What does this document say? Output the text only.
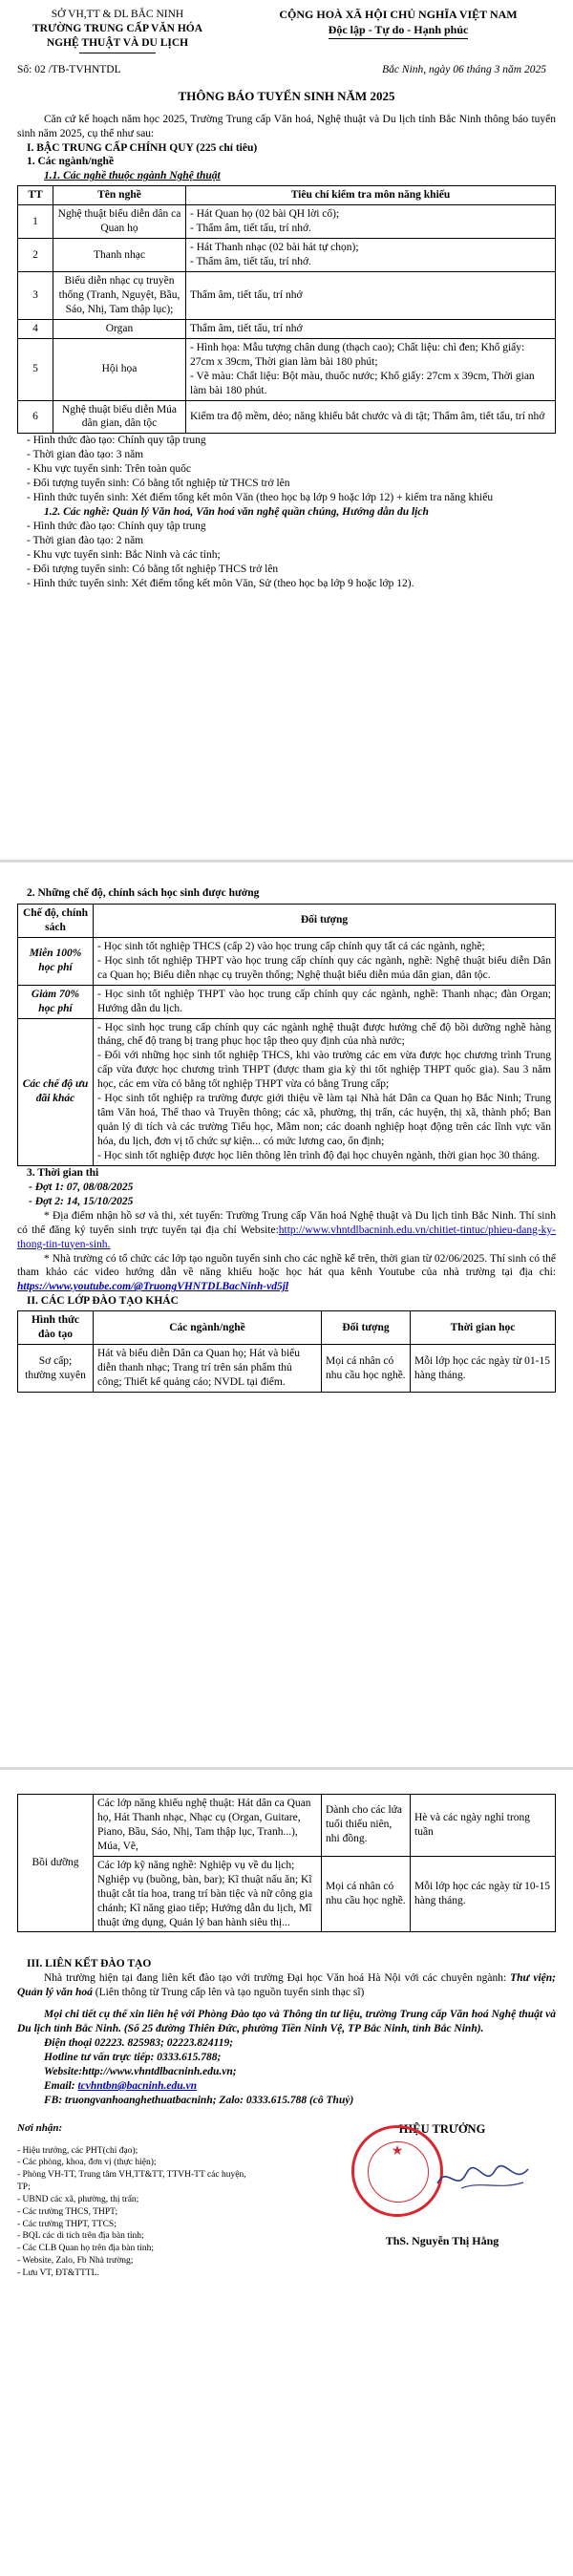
SỞ VH,TT & DL BẮC NINH
TRƯỜNG TRUNG CẤP VĂN HÓA
NGHỆ THUẬT VÀ DU LỊCH
CỘNG HOÀ XÃ HỘI CHỦ NGHĨA VIỆT NAM
Độc lập - Tự do - Hạnh phúc
Số: 02 /TB-TVHNTDL	Bắc Ninh, ngày 06 tháng 3 năm 2025
THÔNG BÁO TUYỂN SINH NĂM 2025

Căn cứ kế hoạch năm học 2025, Trường Trung cấp Văn hoá, Nghệ thuật và Du lịch tỉnh Bắc Ninh thông báo tuyển sinh năm 2025, cụ thể như sau:

I. BẬC TRUNG CẤP CHÍNH QUY (225 chỉ tiêu)

1. Các ngành/nghề

1.1. Các nghề thuộc ngành Nghệ thuật

TT	Tên nghề	Tiêu chí kiểm tra môn năng khiếu
1	Nghệ thuật biểu diễn dân ca Quan họ	- Hát Quan họ (02 bài QH lời cổ);
- Thẩm âm, tiết tấu, trí nhớ.

2	Thanh nhạc	- Hát Thanh nhạc (02 bài hát tự chọn);
- Thẩm âm, tiết tấu, trí nhớ.

3	Biểu diễn nhạc cụ truyền thống (Tranh, Nguyệt, Bầu, Sáo, Nhị, Tam thập lục);	Thẩm âm, tiết tấu, trí nhớ
4	Organ	Thẩm âm, tiết tấu, trí nhớ
5	Hội họa	- Hình họa: Mẫu tượng chân dung (thạch cao); Chất liệu: chì đen; Khổ giấy: 27cm x 39cm, Thời gian làm bài 180 phút;
- Vẽ màu: Chất liệu: Bột màu, thuốc nước; Khổ giấy: 27cm x 39cm, Thời gian làm bài 180 phút.

6	Nghệ thuật biểu diễn Múa dân gian, dân tộc	Kiểm tra độ mềm, dẻo; năng khiếu bắt chước và di tật; Thẩm âm, tiết tấu, trí nhớ

- Hình thức đào tạo: Chính quy tập trung

- Thời gian đào tạo: 3 năm

- Khu vực tuyển sinh: Trên toàn quốc

- Đối tượng tuyển sinh: Có bằng tốt nghiệp từ THCS trở lên

- Hình thức tuyển sinh: Xét điểm tổng kết môn Văn (theo học bạ lớp 9 hoặc lớp 12) + kiểm tra năng khiếu

1.2. Các nghề: Quản lý Văn hoá, Văn hoá văn nghệ quần chúng, Hướng dẫn du lịch

- Hình thức đào tạo: Chính quy tập trung

- Thời gian đào tạo: 2 năm

- Khu vực tuyển sinh: Bắc Ninh và các tỉnh;

- Đối tượng tuyển sinh: Có bằng tốt nghiệp THCS trở lên

- Hình thức tuyển sinh: Xét điểm tổng kết môn Văn, Sử (theo học bạ lớp 9 hoặc lớp 12).

2. Những chế độ, chính sách học sinh được hưởng

Chế độ, chính sách	Đối tượng
Miễn 100% học phí	- Học sinh tốt nghiệp THCS (cấp 2) vào học trung cấp chính quy tất cả các ngành, nghề;
- Học sinh tốt nghiệp THPT vào học trung cấp chính quy các ngành, nghề: Nghệ thuật biểu diễn Dân ca Quan họ; Biểu diễn nhạc cụ truyền thống; Nghệ thuật biểu diễn múa dân gian, dân tộc.

Giảm 70% học phí	- Học sinh tốt nghiệp THPT vào học trung cấp chính quy các ngành, nghề: Thanh nhạc; đàn Organ; Hướng dẫn du lịch.
Các chế độ ưu đãi khác	- Học sinh học trung cấp chính quy các ngành nghệ thuật được hưởng chế độ bồi dưỡng nghề hàng tháng, chế độ trang bị trang phục học tập theo quy định của nhà nước;
- Đối với những học sinh tốt nghiệp THCS, khi vào trường các em vừa được học chương trình Trung cấp vừa được học chương trình THPT (được tham gia kỳ thi tốt nghiệp THPT quốc gia). Sau 3 năm học, các em vừa có bằng tốt nghiệp THPT vừa có bằng Trung cấp;
- Học sinh tốt nghiệp ra trường được giới thiệu về làm tại Nhà hát Dân ca Quan họ Bắc Ninh; Trung tâm Văn hoá, Thể thao và Truyền thông; các xã, phường, thị trấn, các huyện, thị xã, thành phố; Ban quản lý di tích và các trường Tiểu học, Mầm non; các doanh nghiệp hoạt động trên các lĩnh vực văn hóa, du lịch, đơn vị tổ chức sự kiện... có mức lương cao, ổn định;
- Học sinh tốt nghiệp được học liên thông lên trình độ đại học chuyên ngành, thời gian học 30 tháng.

3. Thời gian thi

- Đợt 1: 07, 08/08/2025

- Đợt 2: 14, 15/10/2025

* Địa điểm nhận hồ sơ và thi, xét tuyển: Trường Trung cấp Văn hoá Nghệ thuật và Du lịch tỉnh Bắc Ninh. Thí sinh có thể đăng ký tuyển sinh trực tuyến tại địa chỉ Website:http://www.vhntdlbacninh.edu.vn/chitiet-tintuc/phieu-dang-ky-thong-tin-tuyen-sinh.

* Nhà trường có tổ chức các lớp tạo nguồn tuyển sinh cho các nghề kể trên, thời gian từ 02/06/2025. Thí sinh có thể tham khảo các video hướng dẫn về năng khiếu hoặc học hát qua kênh Youtube của nhà trường tại địa chỉ: https://www.youtube.com/@TruongVHNTDLBacNinh-vd5jl

II. CÁC LỚP ĐÀO TẠO KHÁC

Hình thức đào tạo	Các ngành/nghề	Đối tượng	Thời gian học
Sơ cấp; thường xuyên	Hát và biểu diễn Dân ca Quan họ; Hát và biểu diễn thanh nhạc; Trang trí trên sản phẩm thủ công; Thiết kế quảng cáo; NVDL tại điểm.	Mọi cá nhân có nhu cầu học nghề.	Mỗi lớp học các ngày từ 01-15 hàng tháng.
Bồi dưỡng	Các lớp năng khiếu nghệ thuật: Hát dân ca Quan họ, Hát Thanh nhạc, Nhạc cụ (Organ, Guitare, Piano, Bầu, Sáo, Nhị, Tam thập lục, Tranh...), Múa, Vẽ,	Dành cho các lứa tuổi thiếu niên, nhi đồng.	Hè và các ngày nghỉ trong tuần
	Các lớp kỹ năng nghề: Nghiệp vụ về du lịch; Nghiệp vụ (buồng, bàn, bar); Kĩ thuật nấu ăn; Kĩ thuật cắt tỉa hoa, trang trí bàn tiệc và nữ công gia chánh; Kĩ năng giao tiếp; Hướng dẫn du lịch, Mĩ thuật ứng dụng, Quản lý ban hành siêu thị...	Mọi cá nhân có nhu cầu học nghề.	Mỗi lớp học các ngày từ 10-15 hàng tháng.

III. LIÊN KẾT ĐÀO TẠO

Nhà trường hiện tại đang liên kết đào tạo với trường Đại học Văn hoá Hà Nội với các chuyên ngành: Thư viện; Quản lý văn hoá (Liên thông từ Trung cấp lên và tạo nguồn tuyển sinh thạc sĩ)

Mọi chi tiết cụ thể xin liên hệ với Phòng Đào tạo và Thông tin tư liệu, trường Trung cấp Văn hoá Nghệ thuật và Du lịch tỉnh Bắc Ninh. (Số 25 đường Thiên Đức, phường Tiền Ninh Vệ, TP Bắc Ninh, tỉnh Bắc Ninh).

Điện thoại 02223. 825983; 02223.824119;

Hotline tư vấn trực tiếp: 0333.615.788;

Website:http://www.vhntdlbacninh.edu.vn;

Email: tcvhntbn@bacninh.edu.vn

FB: truongvanhoanghethuatbacninh; Zalo: 0333.615.788 (cô Thuỷ)

Nơi nhận:

- Hiệu trưởng, các PHT(chỉ đạo);

- Các phòng, khoa, đơn vị (thực hiện);

- Phòng VH-TT, Trung tâm VH,TT&TT, TTVH-TT các huyện, TP;

- UBND các xã, phường, thị trấn;

- Các trường THCS, THPT;

- Các trường THPT, TTCS;

- BQL các di tích trên địa bàn tỉnh;

- Các CLB Quan họ trên địa bàn tỉnh;

- Website, Zalo, Fb Nhà trường;

- Lưu VT, ĐT&TTTL.

HIỆU TRƯỞNG
★
ThS. Nguyễn Thị Hằng
